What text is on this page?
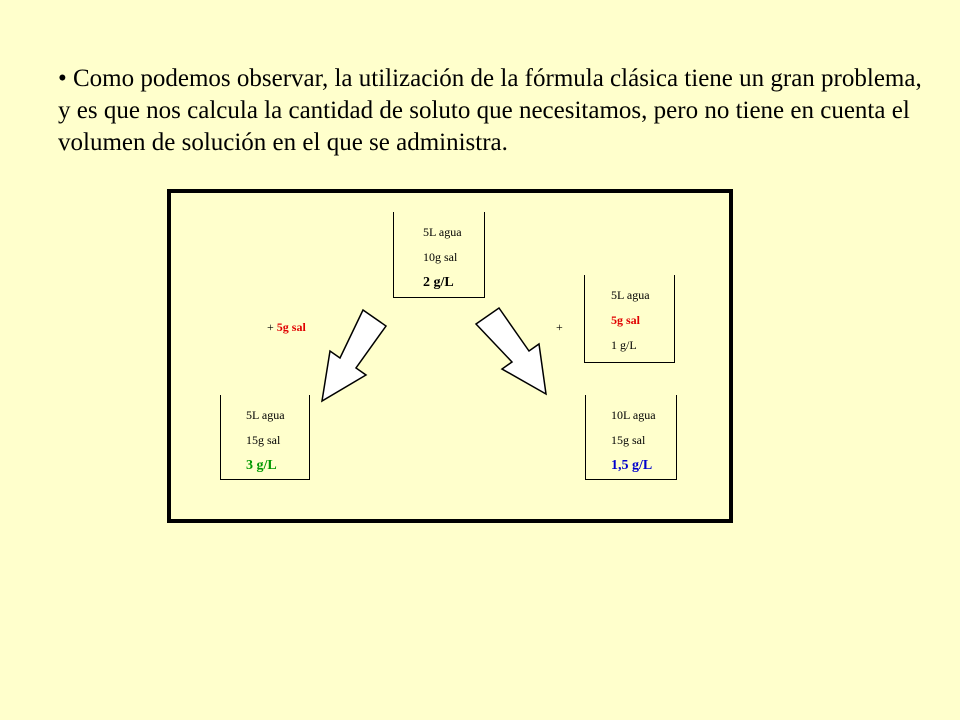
• Como podemos observar, la utilización de la fórmula clásica tiene un gran problema, y es que nos calcula la cantidad de soluto que necesitamos, pero no tiene en cuenta el volumen de solución en el que se administra.

5L agua
10g sal
2 g/L
5L agua
5g sal
1 g/L
5L agua
15g sal
3 g/L
10L agua
15g sal
1,5 g/L
+ 5g sal	+
